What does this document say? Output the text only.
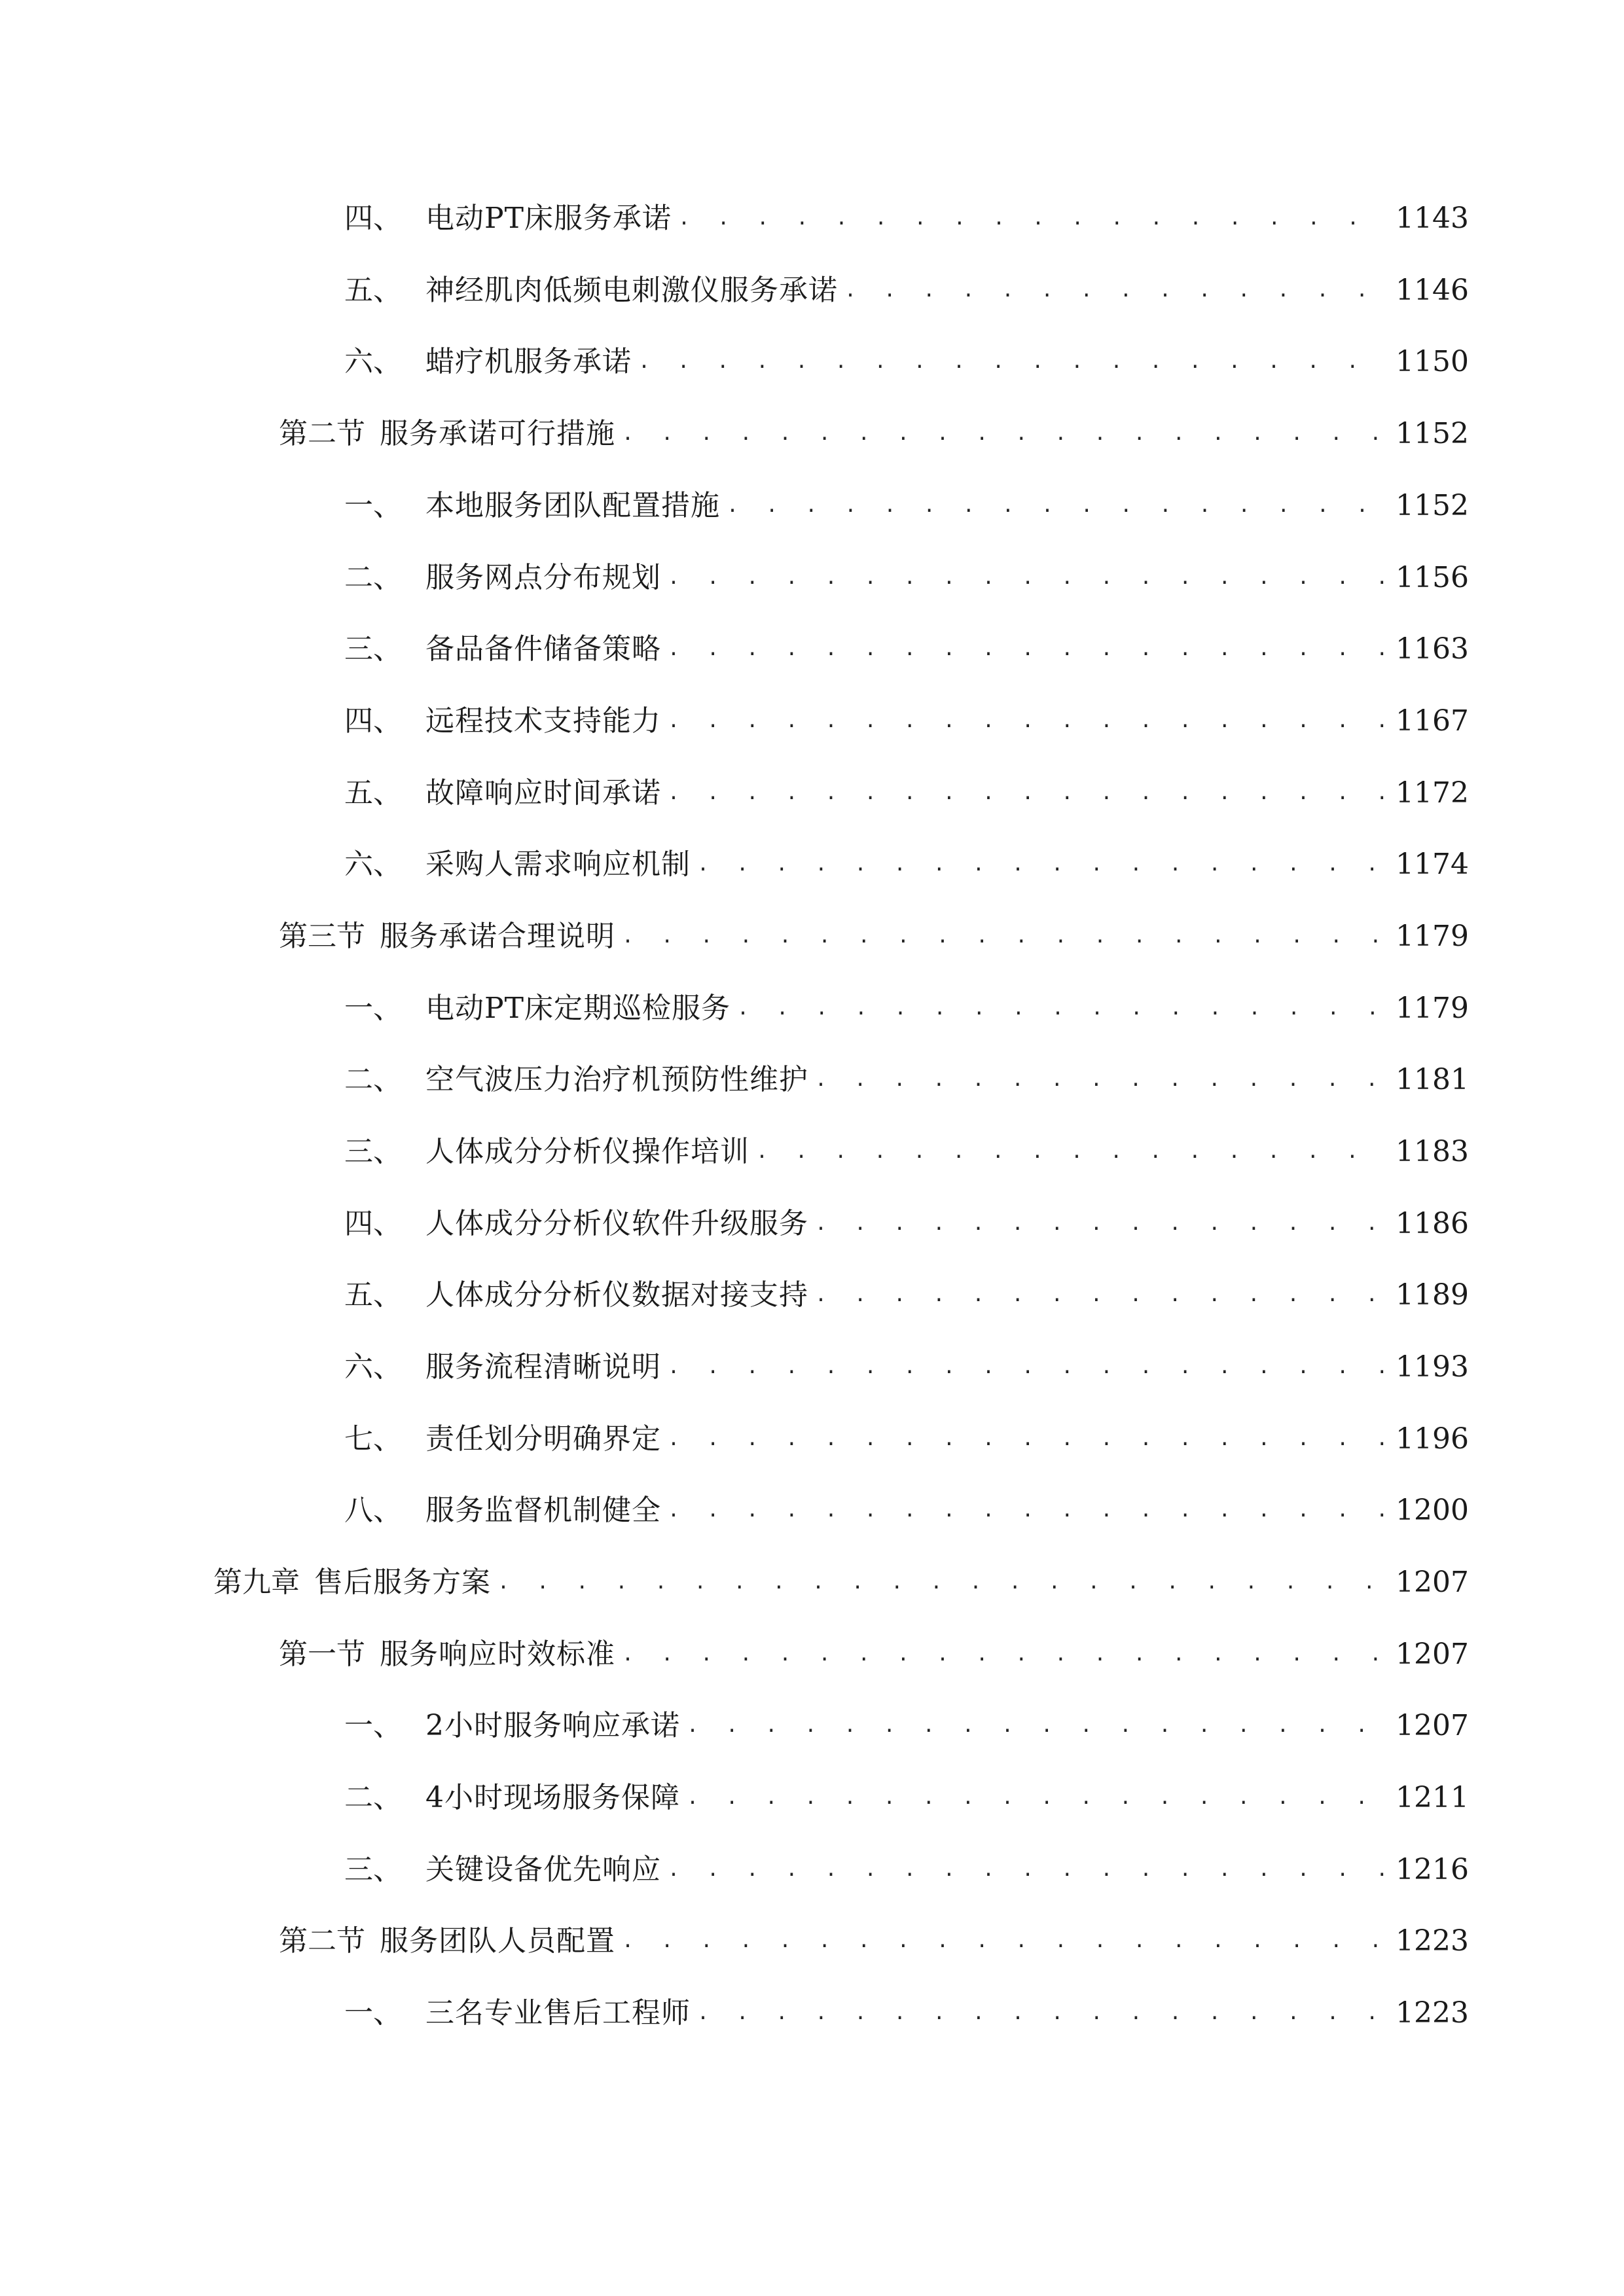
四、 电动PT床服务承诺 . . .	1143
五、 神经肌肉低频电刺激仪服务承诺 . . .	1146
六、 蜡疗机服务承诺 . . .	1150
第二节 服务承诺可行措施 . . .	1152
一、 本地服务团队配置措施 . . .	1152
二、 服务网点分布规划 . . .	1156
三、 备品备件储备策略 . . .	1163
四、 远程技术支持能力 . . .	1167
五、 故障响应时间承诺 . . .	1172
六、 采购人需求响应机制 . . .	1174
第三节 服务承诺合理说明 . . .	1179
一、 电动PT床定期巡检服务 . . .	1179
二、 空气波压力治疗机预防性维护 . . .	1181
三、 人体成分分析仪操作培训 . . .	1183
四、 人体成分分析仪软件升级服务 . . .	1186
五、 人体成分分析仪数据对接支持 . . .	1189
六、 服务流程清晰说明 . . .	1193
七、 责任划分明确界定 . . .	1196
八、 服务监督机制健全 . . .	1200
第九章 售后服务方案 . . .	1207
第一节 服务响应时效标准 . . .	1207
一、 2小时服务响应承诺 . . .	1207
二、 4小时现场服务保障 . . .	1211
三、 关键设备优先响应 . . .	1216
第二节 服务团队人员配置 . . .	1223
一、 三名专业售后工程师 . . .	1223
